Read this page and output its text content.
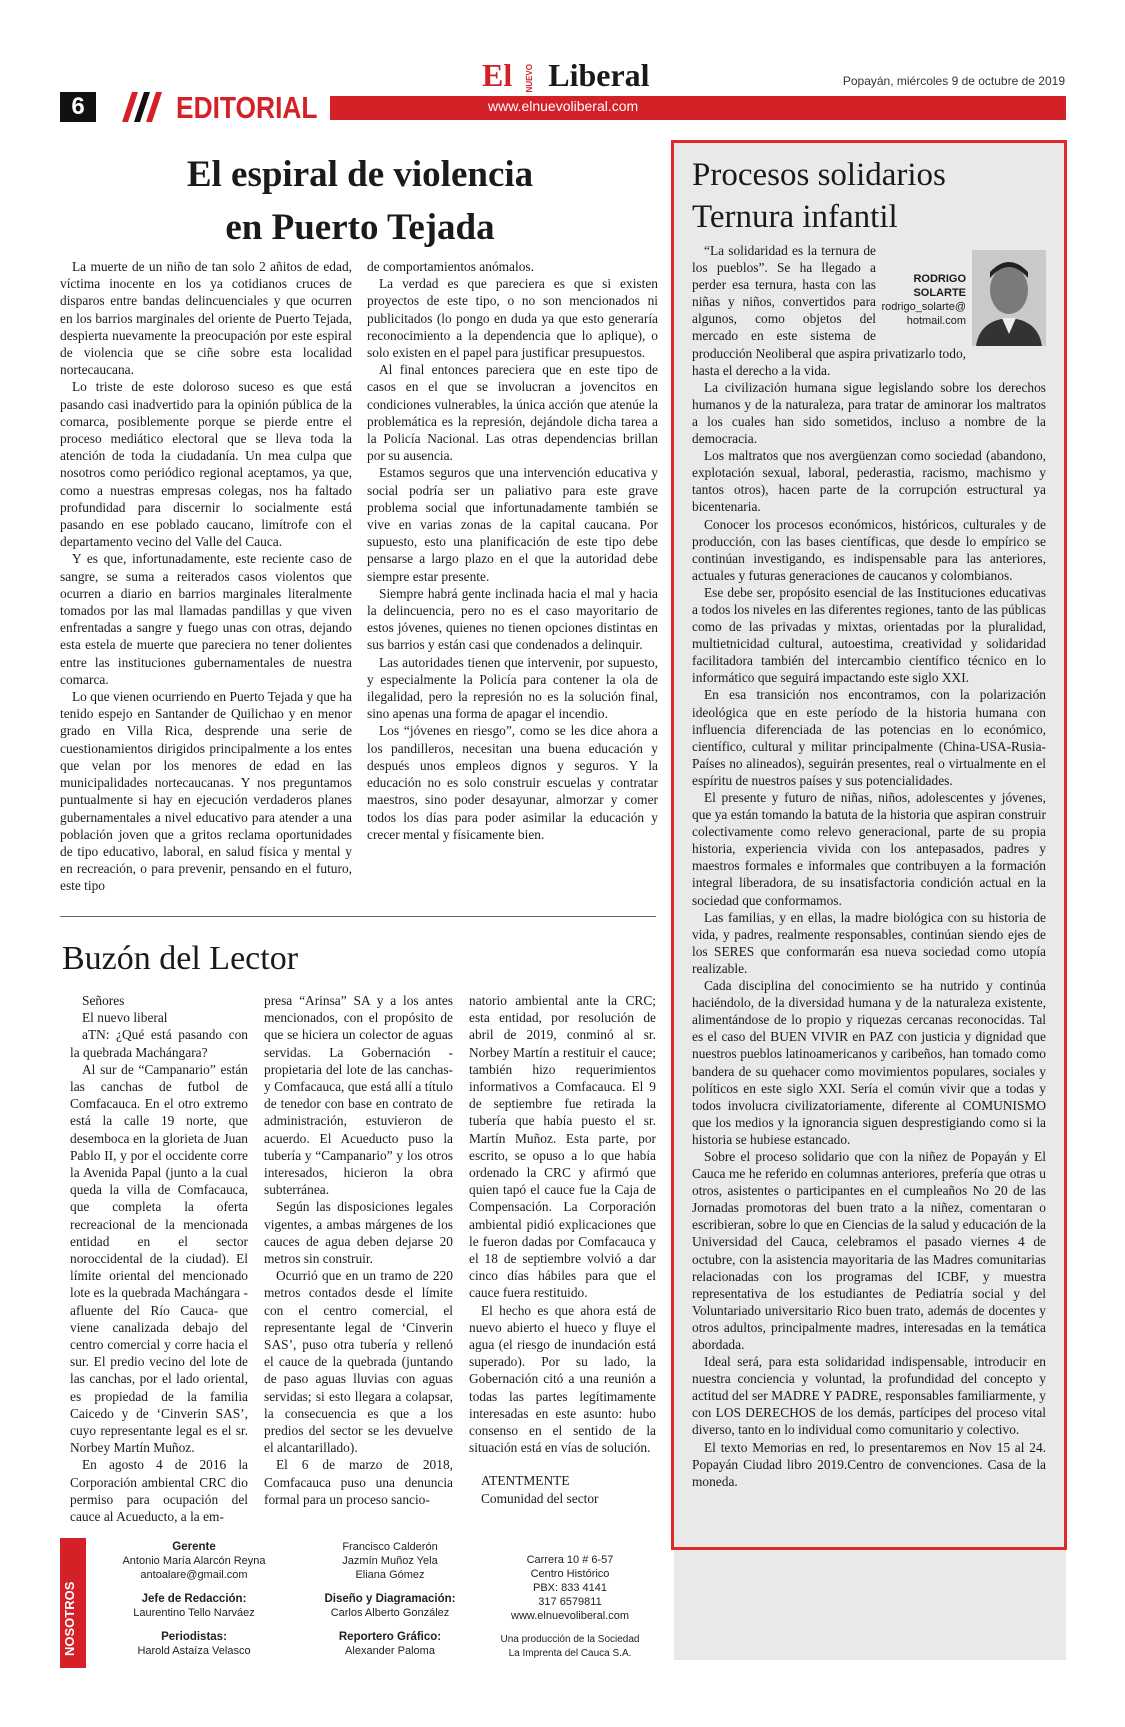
6	EDITORIAL	www.elnuevoliberal.com
El NUEVO Liberal	Popayán, miércoles 9 de octubre de 2019
El espiral de violencia
en Puerto Tejada

La muerte de un niño de tan solo 2 añitos de edad, víctima inocente en los ya cotidianos cruces de disparos entre bandas delincuenciales y que ocurren en los barrios marginales del oriente de Puerto Tejada, despierta nuevamente la preocupación por este espiral de violencia que se ciñe sobre esta localidad nortecaucana.

Lo triste de este doloroso suceso es que está pasando casi inadvertido para la opinión pública de la comarca, posiblemente porque se pierde entre el proceso mediático electoral que se lleva toda la atención de toda la ciudadanía. Un mea culpa que nosotros como periódico regional aceptamos, ya que, como a nuestras empresas colegas, nos ha faltado profundidad para discernir lo socialmente está pasando en ese poblado caucano, limítrofe con el departamento vecino del Valle del Cauca.

Y es que, infortunadamente, este reciente caso de sangre, se suma a reiterados casos violentos que ocurren a diario en barrios marginales literalmente tomados por las mal llamadas pandillas y que viven enfrentadas a sangre y fuego unas con otras, dejando esta estela de muerte que pareciera no tener dolientes entre las instituciones gubernamentales de nuestra comarca.

Lo que vienen ocurriendo en Puerto Tejada y que ha tenido espejo en Santander de Quilichao y en menor grado en Villa Rica, desprende una serie de cuestionamientos dirigidos principalmente a los entes que velan por los menores de edad en las municipalidades nortecaucanas. Y nos preguntamos puntualmente si hay en ejecución verdaderos planes gubernamentales a nivel educativo para atender a una población joven que a gritos reclama oportunidades de tipo educativo, laboral, en salud física y mental y en recreación, o para prevenir, pensando en el futuro, este tipo

de comportamientos anómalos.

La verdad es que pareciera es que si existen proyectos de este tipo, o no son mencionados ni publicitados (lo pongo en duda ya que esto generaría reconocimiento a la dependencia que lo aplique), o solo existen en el papel para justificar presupuestos.

Al final entonces pareciera que en este tipo de casos en el que se involucran a jovencitos en condiciones vulnerables, la única acción que atenúe la problemática es la represión, dejándole dicha tarea a la Policía Nacional. Las otras dependencias brillan por su ausencia.

Estamos seguros que una intervención educativa y social podría ser un paliativo para este grave problema social que infortunadamente también se vive en varias zonas de la capital caucana. Por supuesto, esto una planificación de este tipo debe pensarse a largo plazo en el que la autoridad debe siempre estar presente.

Siempre habrá gente inclinada hacia el mal y hacia la delincuencia, pero no es el caso mayoritario de estos jóvenes, quienes no tienen opciones distintas en sus barrios y están casi que condenados a delinquir.

Las autoridades tienen que intervenir, por supuesto, y especialmente la Policía para contener la ola de ilegalidad, pero la represión no es la solución final, sino apenas una forma de apagar el incendio.

Los “jóvenes en riesgo”, como se les dice ahora a los pandilleros, necesitan una buena educación y después unos empleos dignos y seguros. Y la educación no es solo construir escuelas y contratar maestros, sino poder desayunar, almorzar y comer todos los días para poder asimilar la educación y crecer mental y físicamente bien.

Buzón del Lector

Señores

El nuevo liberal

aTN: ¿Qué está pasando con la quebrada Machángara?

Al sur de “Campanario” están las canchas de futbol de Comfacauca. En el otro extremo está la calle 19 norte, que desemboca en la glorieta de Juan Pablo II, y por el occidente corre la Avenida Papal (junto a la cual queda la villa de Comfacauca, que completa la oferta recreacional de la mencionada entidad en el sector noroccidental de la ciudad). El límite oriental del mencionado lote es la quebrada Machángara -afluente del Río Cauca- que viene canalizada debajo del centro comercial y corre hacia el sur. El predio vecino del lote de las canchas, por el lado oriental, es propiedad de la familia Caicedo y de ‘Cinverin SAS’, cuyo representante legal es el sr. Norbey Martín Muñoz.

En agosto 4 de 2016 la Corporación ambiental CRC dio permiso para ocupación del cauce al Acueducto, a la em-

presa “Arinsa” SA y a los antes mencionados, con el propósito de que se hiciera un colector de aguas servidas. La Gobernación -propietaria del lote de las canchas- y Comfacauca, que está allí a título de tenedor con base en contrato de administración, estuvieron de acuerdo. El Acueducto puso la tubería y “Campanario” y los otros interesados, hicieron la obra subterránea.

Según las disposiciones legales vigentes, a ambas márgenes de los cauces de agua deben dejarse 20 metros sin construir.

Ocurrió que en un tramo de 220 metros contados desde el límite con el centro comercial, el representante legal de ‘Cinverin SAS’, puso otra tubería y rellenó el cauce de la quebrada (juntando de paso aguas lluvias con aguas servidas; si esto llegara a colapsar, la consecuencia es que a los predios del sector se les devuelve el alcantarillado).

El 6 de marzo de 2018, Comfacauca puso una denuncia formal para un proceso sancio-

natorio ambiental ante la CRC; esta entidad, por resolución de abril de 2019, conminó al sr. Norbey Martín a restituir el cauce; también hizo requerimientos informativos a Comfacauca. El 9 de septiembre fue retirada la tubería que había puesto el sr. Martín Muñoz. Esta parte, por escrito, se opuso a lo que había ordenado la CRC y afirmó que quien tapó el cauce fue la Caja de Compensación. La Corporación ambiental pidió explicaciones que le fueron dadas por Comfacauca y el 18 de septiembre volvió a dar cinco días hábiles para que el cauce fuera restituido.

El hecho es que ahora está de nuevo abierto el hueco y fluye el agua (el riesgo de inundación está superado). Por su lado, la Gobernación citó a una reunión a todas las partes legítimamente interesadas en este asunto: hubo consenso en el sentido de la situación está en vías de solución.

ATENTMENTE

Comunidad del sector

Procesos solidarios
Ternura infantil
RODRIGO SOLARTE
rodrigo_solarte@
hotmail.com

“La solidaridad es la ternura de los pueblos”. Se ha llegado a perder esa ternura, hasta con las niñas y niños, convertidos para algunos, como objetos del mercado en este sistema de producción Neoliberal que aspira privatizarlo todo, hasta el derecho a la vida.

La civilización humana sigue legislando sobre los derechos humanos y de la naturaleza, para tratar de aminorar los maltratos a los cuales han sido sometidos, incluso a nombre de la democracia.

Los maltratos que nos avergüenzan como sociedad (abandono, explotación sexual, laboral, pederastia, racismo, machismo y tantos otros), hacen parte de la corrupción estructural ya bicentenaria.

Conocer los procesos económicos, históricos, culturales y de producción, con las bases científicas, que desde lo empírico se continúan investigando, es indispensable para las anteriores, actuales y futuras generaciones de caucanos y colombianos.

Ese debe ser, propósito esencial de las Instituciones educativas a todos los niveles en las diferentes regiones, tanto de las públicas como de las privadas y mixtas, orientadas por la pluralidad, multietnicidad cultural, autoestima, creatividad y solidaridad facilitadora también del intercambio científico técnico en lo informático que seguirá impactando este siglo XXI.

En esa transición nos encontramos, con la polarización ideológica que en este período de la historia humana con influencia diferenciada de las potencias en lo económico, científico, cultural y militar principalmente (China-USA-Rusia- Países no alineados), seguirán presentes, real o virtualmente en el espíritu de nuestros países y sus potencialidades.

El presente y futuro de niñas, niños, adolescentes y jóvenes, que ya están tomando la batuta de la historia que aspiran construir colectivamente como relevo generacional, parte de su propia historia, experiencia vivida con los antepasados, padres y maestros formales e informales que contribuyen a la formación integral liberadora, de su insatisfactoria condición actual en la sociedad que conformamos.

Las familias, y en ellas, la madre biológica con su historia de vida, y padres, realmente responsables, continúan siendo ejes de los SERES que conformarán esa nueva sociedad como utopía realizable.

Cada disciplina del conocimiento se ha nutrido y continúa haciéndolo, de la diversidad humana y de la naturaleza existente, alimentándose de lo propio y riquezas cercanas reconocidas. Tal es el caso del BUEN VIVIR en PAZ con justicia y dignidad que nuestros pueblos latinoamericanos y caribeños, han tomado como bandera de su quehacer como movimientos populares, sociales y políticos en este siglo XXI. Sería el común vivir que a todas y todos involucra civilizatoriamente, diferente al COMUNISMO que los medios y la ignorancia siguen desprestigiando como si la historia se hubiese estancado.

Sobre el proceso solidario que con la niñez de Popayán y El Cauca me he referido en columnas anteriores, prefería que otras u otros, asistentes o participantes en el cumpleaños No 20 de las Jornadas promotoras del buen trato a la niñez, comentaran o escribieran, sobre lo que en Ciencias de la salud y educación de la Universidad del Cauca, celebramos el pasado viernes 4 de octubre, con la asistencia mayoritaria de las Madres comunitarias relacionadas con los programas del ICBF, y muestra representativa de los estudiantes de Pediatría social y del Voluntariado universitario Rico buen trato, además de docentes y otros adultos, principalmente madres, interesadas en la temática abordada.

Ideal será, para esta solidaridad indispensable, introducir en nuestra conciencia y voluntad, la profundidad del concepto y actitud del ser MADRE Y PADRE, responsables familiarmente, y con LOS DERECHOS de los demás, partícipes del proceso vital diverso, tanto en lo individual como comunitario y colectivo.

El texto Memorias en red, lo presentaremos en Nov 15 al 24. Popayán Ciudad libro 2019.Centro de convenciones. Casa de la moneda.

NOSOTROS
Gerente
Antonio María Alarcón Reyna
antoalare@gmail.com
Jefe de Redacción:
Laurentino Tello Narváez
Periodistas:
Harold Astaíza Velasco
Francisco Calderón
Jazmín Muñoz Yela
Eliana Gómez
Diseño y Diagramación:
Carlos Alberto González
Reportero Gráfico:
Alexander Paloma
Carrera 10 # 6-57
Centro Histórico
PBX: 833 4141
317 6579811
www.elnuevoliberal.com
Una producción de la Sociedad
La Imprenta del Cauca S.A.
